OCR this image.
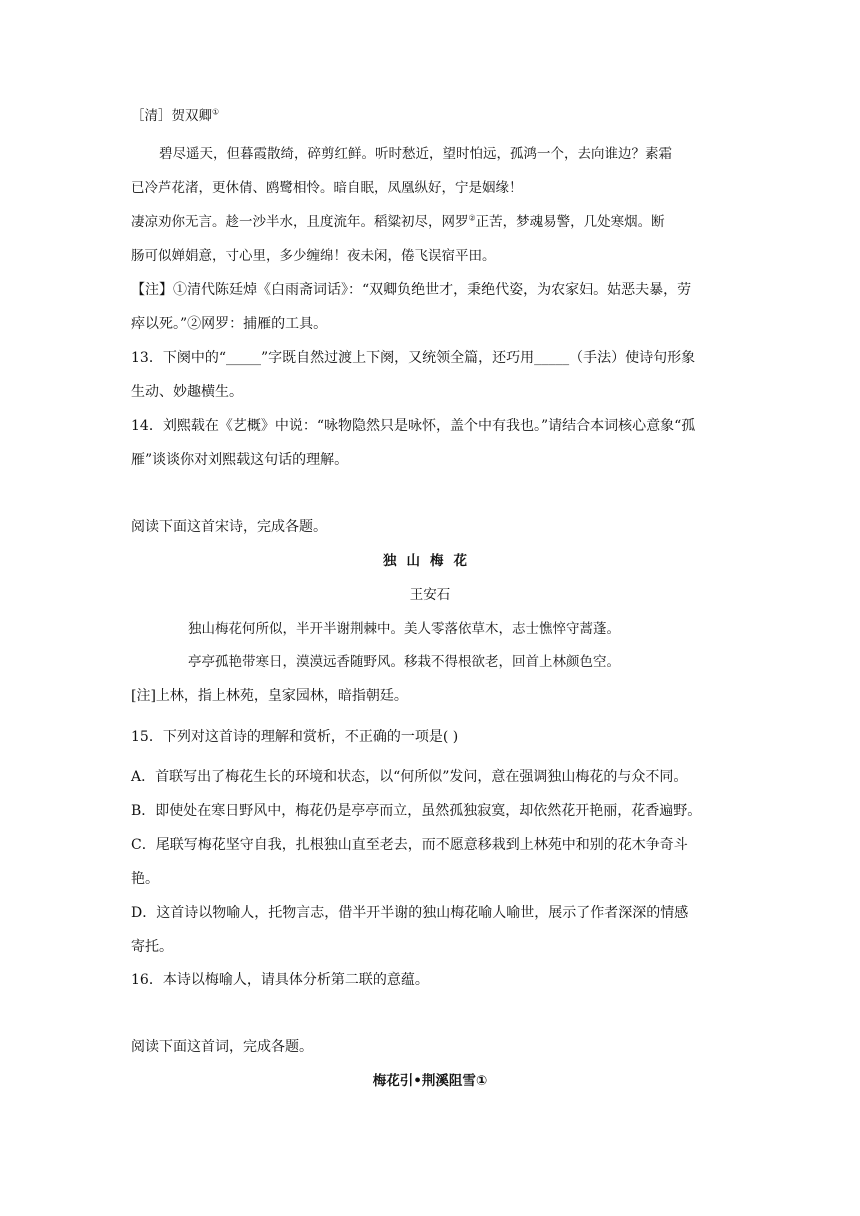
［清］贺双卿①
碧尽遥天，但暮霞散绮，碎剪红鲜。听时愁近，望时怕远，孤鸿一个，去向谁边？素霜
已冷芦花渚，更休倩、鸥鹭相怜。暗自眠，凤凰纵好，宁是姻缘！
凄凉劝你无言。趁一沙半水，且度流年。稻粱初尽，网罗②正苦，梦魂易警，几处寒烟。断
肠可似婵娟意，寸心里，多少缠绵！夜未闲，倦飞误宿平田。
【注】①清代陈廷焯《白雨斋词话》：“双卿负绝世才，秉绝代姿，为农家妇。姑恶夫暴，劳
瘁以死。”②网罗：捕雁的工具。
13．下阕中的“_____”字既自然过渡上下阕，又统领全篇，还巧用_____（手法）使诗句形象
生动、妙趣横生。
14．刘熙载在《艺概》中说：“咏物隐然只是咏怀，盖个中有我也。”请结合本词核心意象“孤
雁”谈谈你对刘熙载这句话的理解。
阅读下面这首宋诗，完成各题。
独山梅花
王安石
独山梅花何所似，半开半谢荆棘中。美人零落依草木，志士憔悴守蒿蓬。
亭亭孤艳带寒日，漠漠远香随野风。移栽不得根欲老，回首上林颜色空。
[注]上林，指上林苑，皇家园林，暗指朝廷。
15．下列对这首诗的理解和赏析，不正确的一项是( )
A．首联写出了梅花生长的环境和状态，以“何所似”发问，意在强调独山梅花的与众不同。
B．即使处在寒日野风中，梅花仍是亭亭而立，虽然孤独寂寞，却依然花开艳丽，花香遍野。
C．尾联写梅花坚守自我，扎根独山直至老去，而不愿意移栽到上林苑中和别的花木争奇斗
艳。
D．这首诗以物喻人，托物言志，借半开半谢的独山梅花喻人喻世，展示了作者深深的情感
寄托。
16．本诗以梅喻人，请具体分析第二联的意蕴。
阅读下面这首词，完成各题。
梅花引•荆溪阻雪①
